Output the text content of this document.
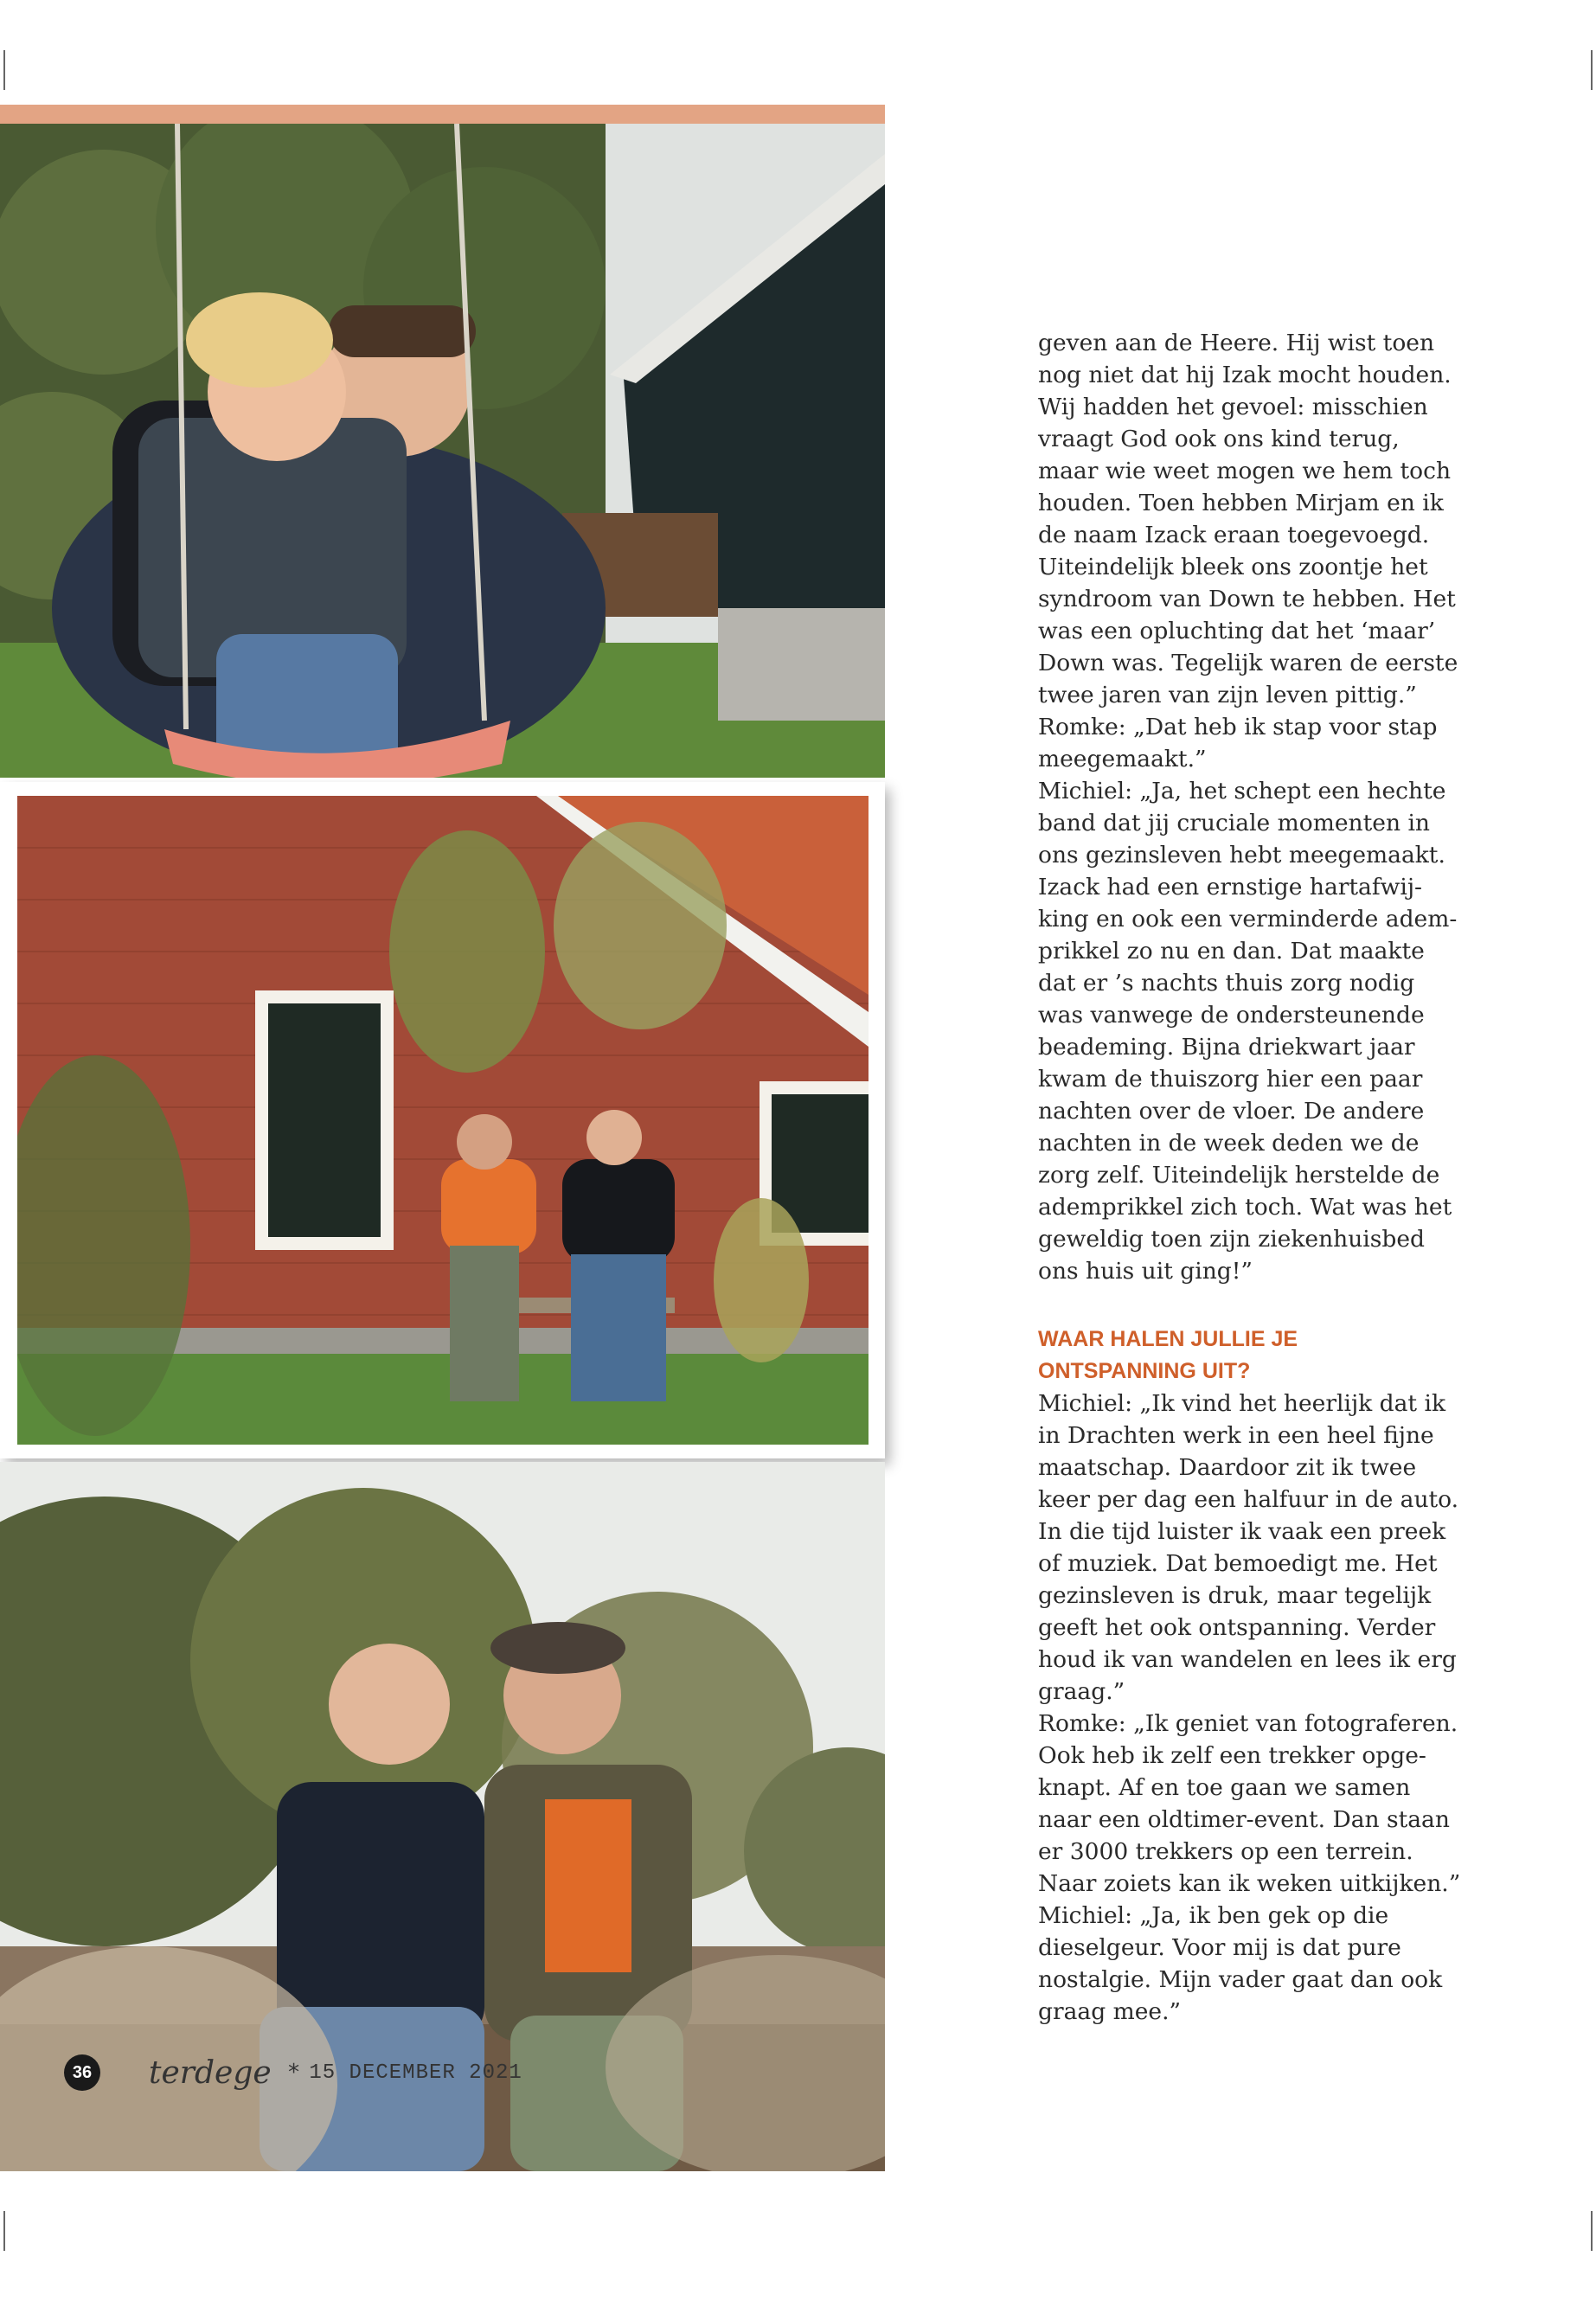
geven aan de Heere. Hij wist toen
nog niet dat hij Izak mocht houden.
Wij hadden het gevoel: misschien
vraagt God ook ons kind terug,
maar wie weet mogen we hem toch
houden. Toen hebben Mirjam en ik
de naam Izack eraan toegevoegd.
Uiteindelijk bleek ons zoontje het
syndroom van Down te hebben. Het
was een opluchting dat het ‘maar’
Down was. Tegelijk waren de eerste
twee jaren van zijn leven pittig.”
Romke: „Dat heb ik stap voor stap
meegemaakt.”
Michiel: „Ja, het schept een hechte
band dat jij cruciale momenten in
ons gezinsleven hebt meegemaakt.
Izack had een ernstige hartafwij-
king en ook een verminderde adem-
prikkel zo nu en dan. Dat maakte
dat er ’s nachts thuis zorg nodig
was vanwege de ondersteunende
beademing. Bijna driekwart jaar
kwam de thuiszorg hier een paar
nachten over de vloer. De andere
nachten in de week deden we de
zorg zelf. Uiteindelijk herstelde de
ademprikkel zich toch. Wat was het
geweldig toen zijn ziekenhuisbed
ons huis uit ging!”
WAAR HALEN JULLIE JE
ONTSPANNING UIT?
Michiel: „Ik vind het heerlijk dat ik
in Drachten werk in een heel fijne
maatschap. Daardoor zit ik twee
keer per dag een halfuur in de auto.
In die tijd luister ik vaak een preek
of muziek. Dat bemoedigt me. Het
gezinsleven is druk, maar tegelijk
geeft het ook ontspanning. Verder
houd ik van wandelen en lees ik erg
graag.”
Romke: „Ik geniet van fotograferen.
Ook heb ik zelf een trekker opge-
knapt. Af en toe gaan we samen
naar een oldtimer-event. Dan staan
er 3000 trekkers op een terrein.
Naar zoiets kan ik weken uitkijken.”
Michiel: „Ja, ik ben gek op die
dieselgeur. Voor mij is dat pure
nostalgie. Mijn vader gaat dan ook
graag mee.”
36 terdege * 15 DECEMBER 2021
